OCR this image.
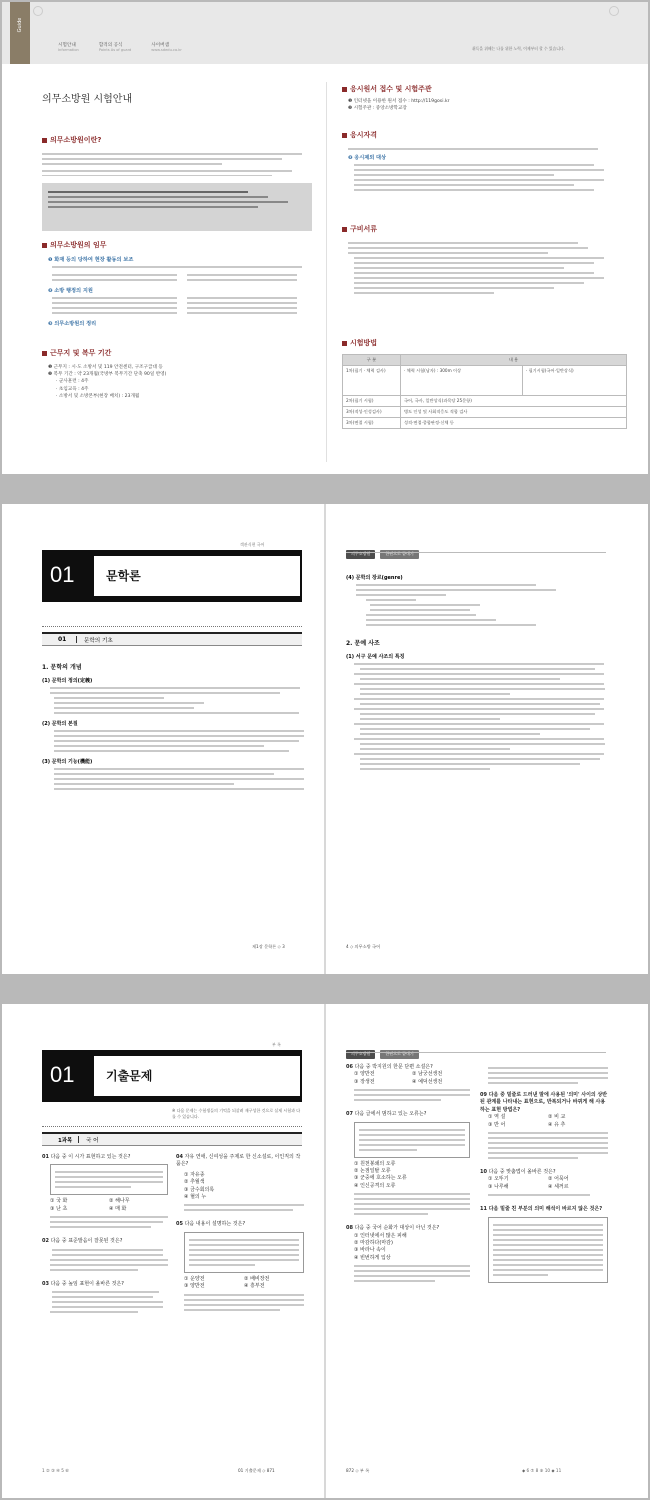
Guide
시험안내
Information
합격의 공식
Points As of guard
사이버샘
www.sdedu.co.kr	취득을 위해는 나를 위한 노력, 이제부터 할 수 있습니다.
의무소방원 시험안내
의무소방원이란?
의무소방원의 임무
❶ 화재 등의 당하여 현장 활동의 보조
❷ 소방 행정의 지원
❸ 의무소방원의 정리
근무지 및 복무 기간
❶ 근무지 : 시·도 소방서 및 119 안전센터, 구조구급대 등
❷ 복무 기간 : 약 23개월(국방부 복무기간 단축 90일 반영)
· 군사훈련 : 4주
· 초임교육 : 4주
· 소방서 및 소방본부(현장 배치) : 23개월
응시원서 접수 및 시험주관
❶ 인터넷을 이용한 원서 접수 : http://119gosi.kr
❷ 시험주관 : 중앙소방학교장
응시자격
❷ 응시제외 대상
구비서류
시험방법
구 분	내 용	
1차(필기 · 체력 검사)	· 체력 시험(남자) : 300m 이상	· 필기시험(국어·일반상식)
2차(필기 시험)	국어, 국사, 일반상식(과목당 25문항)	
3차(적성·인성검사)	병도 인성 및 사회적응도 적합 검사	
3차(면접 시험)	성격·면접·종합판정·신체 등	
객관식편 국어
01	문학론
01	문학의 기초
1. 문학의 개념
(1) 문학의 정의(定義)
(2) 문학의 본질
(3) 문학의 기능(機能)
제1장 문학론 ◇ 3
의무소방원	한권으로 끝내기
(4) 문학의 장르(genre)
2. 문예 사조
(1) 서구 문예 사조의 특징
4 ◇ 의무소방 국어
부 록
01	기출문제
※ 다음 문제는 수험생들의 기억을 되살려 재구성한 것으로 실제 시험과 다를 수 있습니다.
1과목 국 어
01 다음 중 이 시가 표현하고 있는 것은?
① 국 화	② 해나무
③ 난 초	④ 매 화
02 다음 중 표준발음이 잘못된 것은?
03 다음 중 높임 표현이 올바른 것은?
04 자유 연애, 신여성을 주제로 한 신소설로, 이인직의 작품은?
① 자유종
② 추월색
③ 금수회의록
④ 혈의 누
05 다음 내용이 설명하는 것은?
① 운양전	② 배비장전
③ 양반전	④ 흥부전
1 ② ③ ④ 5 ⑥	01 기출문제 ◇ 871
의무소방원	한권으로 끝내기
06 다음 중 박지원의 한문 단편 소설은?
① 양반전	② 남궁선생전
③ 장생전	④ 예덕선생전
07 다음 글에서 범하고 있는 오류는?
① 원천봉쇄의 오류
② 논점일탈 오류
③ 군중에 호소하는 오류
④ 인신공격의 오류
08 다음 중 국어 순화가 대상이 아닌 것은?
① 인터넷에서 많은 피해
② 마감하다(마감)
③ 바라나 속이
④ 빈번하게 입상
09 다음 중 밑줄로 드러낸 말에 사용된 '의미' 사이의 상반된 관계를 나타내는 표현으로, 반복되거나 바뀌게 해 사용하는 표현 방법은?
① 역 설	② 비 교
③ 반 어	④ 유 추
10 다음 중 맞춤법이 올바른 것은?
① 오뚜기	② 어묵어
③ 나루해	④ 셰꺼르
11 다음 밑줄 친 부분의 의미 해석이 바르지 않은 것은?
872 ◇ 부 록	◆ 6 ⑦ 8 ⑨ 10 ◆ 11
